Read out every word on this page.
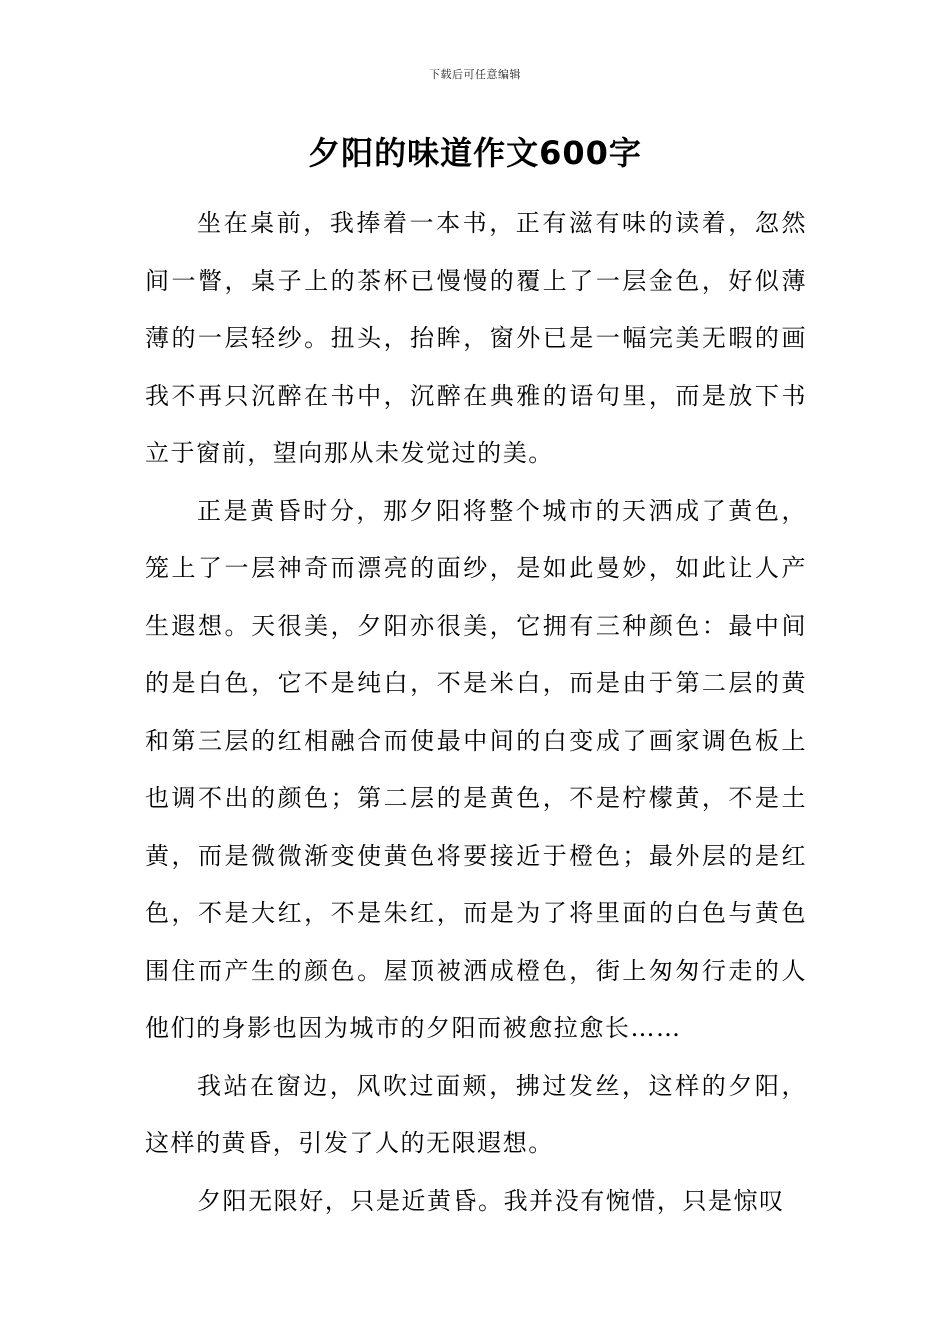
下载后可任意编辑
夕阳的味道作文600字

坐在桌前，我捧着一本书，正有滋有味的读着，忽然间一瞥，桌子上的茶杯已慢慢的覆上了一层金色，好似薄薄的一层轻纱。扭头，抬眸，窗外已是一幅完美无暇的画我不再只沉醉在书中，沉醉在典雅的语句里，而是放下书立于窗前，望向那从未发觉过的美。

正是黄昏时分，那夕阳将整个城市的天洒成了黄色，笼上了一层神奇而漂亮的面纱，是如此曼妙，如此让人产生遐想。天很美，夕阳亦很美，它拥有三种颜色：最中间的是白色，它不是纯白，不是米白，而是由于第二层的黄和第三层的红相融合而使最中间的白变成了画家调色板上也调不出的颜色；第二层的是黄色，不是柠檬黄，不是土黄，而是微微渐变使黄色将要接近于橙色；最外层的是红色，不是大红，不是朱红，而是为了将里面的白色与黄色围住而产生的颜色。屋顶被洒成橙色，街上匆匆行走的人他们的身影也因为城市的夕阳而被愈拉愈长……

我站在窗边，风吹过面颊，拂过发丝，这样的夕阳，这样的黄昏，引发了人的无限遐想。

夕阳无限好，只是近黄昏。我并没有惋惜，只是惊叹
